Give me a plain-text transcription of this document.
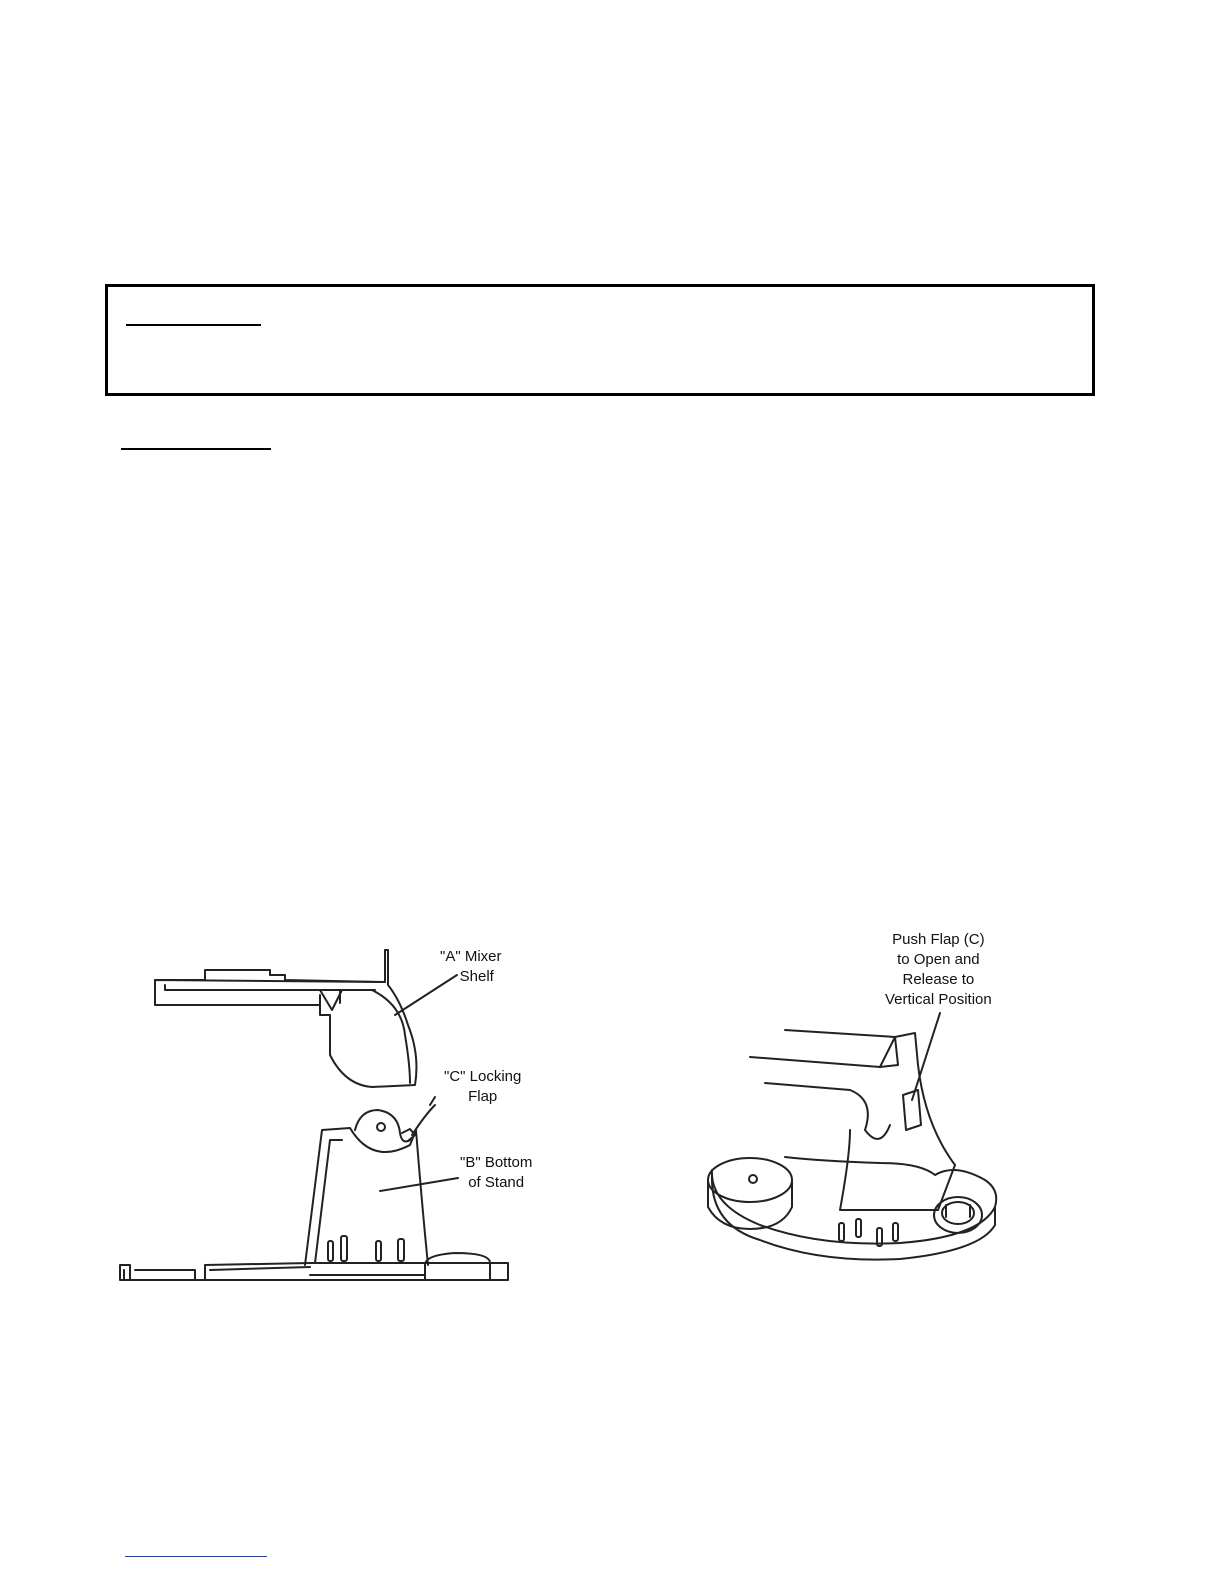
"A" Mixer
Shelf
"C" Locking
Flap
"B" Bottom
of Stand
Push Flap (C)
to Open and
Release to
Vertical Position
